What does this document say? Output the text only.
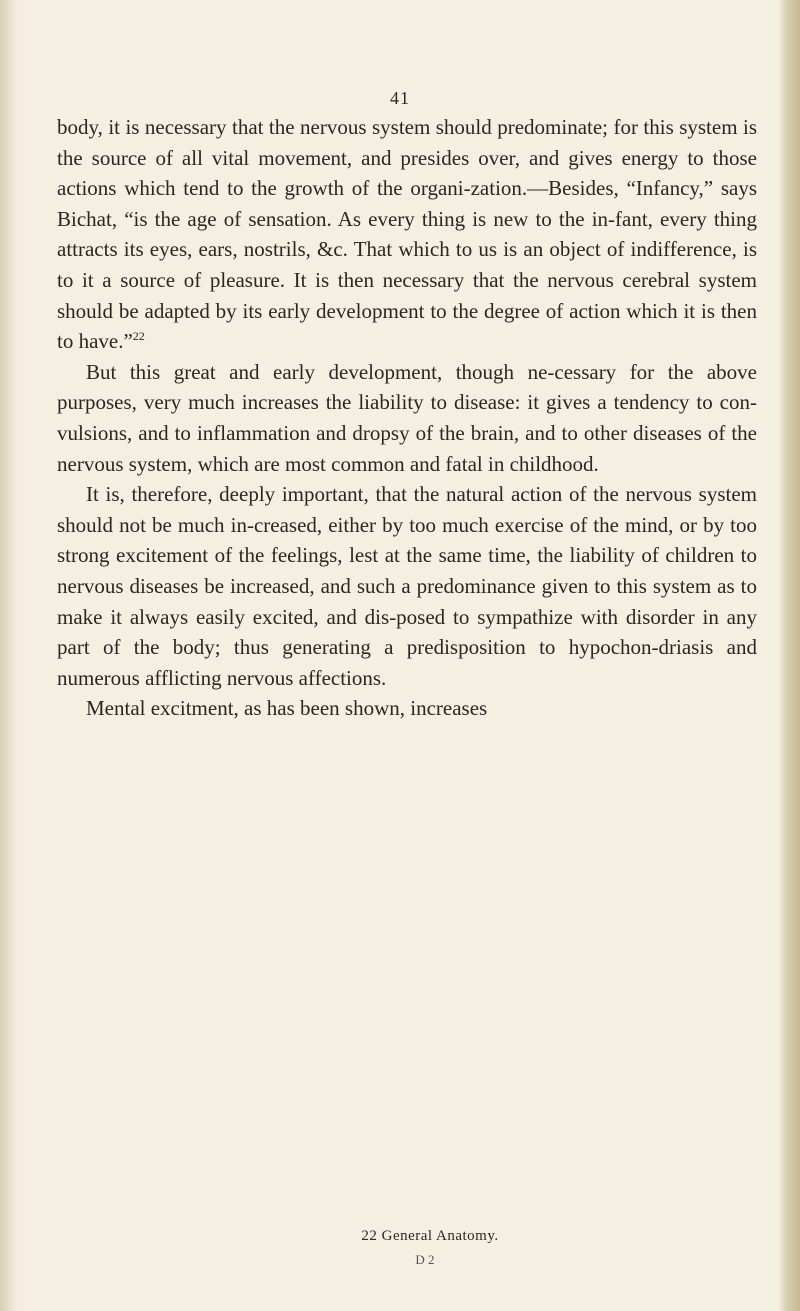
41

body, it is necessary that the nervous system should predominate; for this system is the source of all vital movement, and presides over, and gives energy to those actions which tend to the growth of the organi-zation.—Besides, “Infancy,” says Bichat, “is the age of sensation. As every thing is new to the in-fant, every thing attracts its eyes, ears, nostrils, &c. That which to us is an object of indifference, is to it a source of pleasure. It is then necessary that the nervous cerebral system should be adapted by its early development to the degree of action which it is then to have.”$^{22}$

But this great and early development, though ne-cessary for the above purposes, very much increases the liability to disease: it gives a tendency to con-vulsions, and to inflammation and dropsy of the brain, and to other diseases of the nervous system, which are most common and fatal in childhood.

It is, therefore, deeply important, that the natural action of the nervous system should not be much in-creased, either by too much exercise of the mind, or by too strong excitement of the feelings, lest at the same time, the liability of children to nervous diseases be increased, and such a predominance given to this system as to make it always easily excited, and dis-posed to sympathize with disorder in any part of the body; thus generating a predisposition to hypochon-driasis and numerous afflicting nervous affections.

Mental excitment, as has been shown, increases

22 General Anatomy.
D 2
